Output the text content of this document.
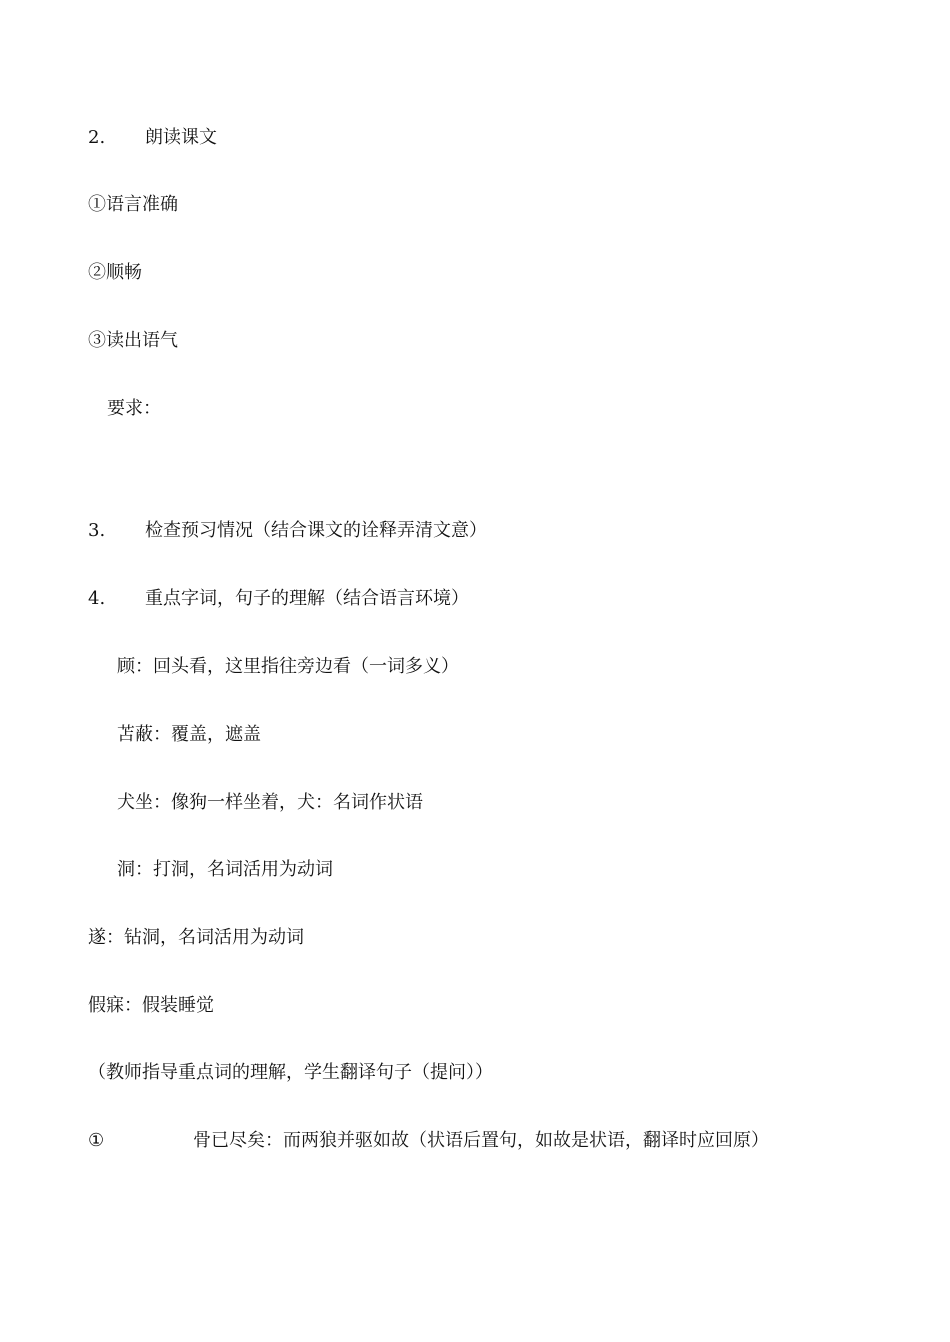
2. 朗读课文
①语言准确
②顺畅
③读出语气
要求：
3. 检查预习情况（结合课文的诠释弄清文意）
4. 重点字词，句子的理解（结合语言环境）
顾：回头看，这里指往旁边看（一词多义）
苫蔽：覆盖，遮盖
犬坐：像狗一样坐着，犬：名词作状语
洞：打洞，名词活用为动词
遂：钻洞，名词活用为动词
假寐：假装睡觉
（教师指导重点词的理解，学生翻译句子（提问））
①	骨已尽矣：而两狼并驱如故（状语后置句，如故是状语，翻译时应回原）
